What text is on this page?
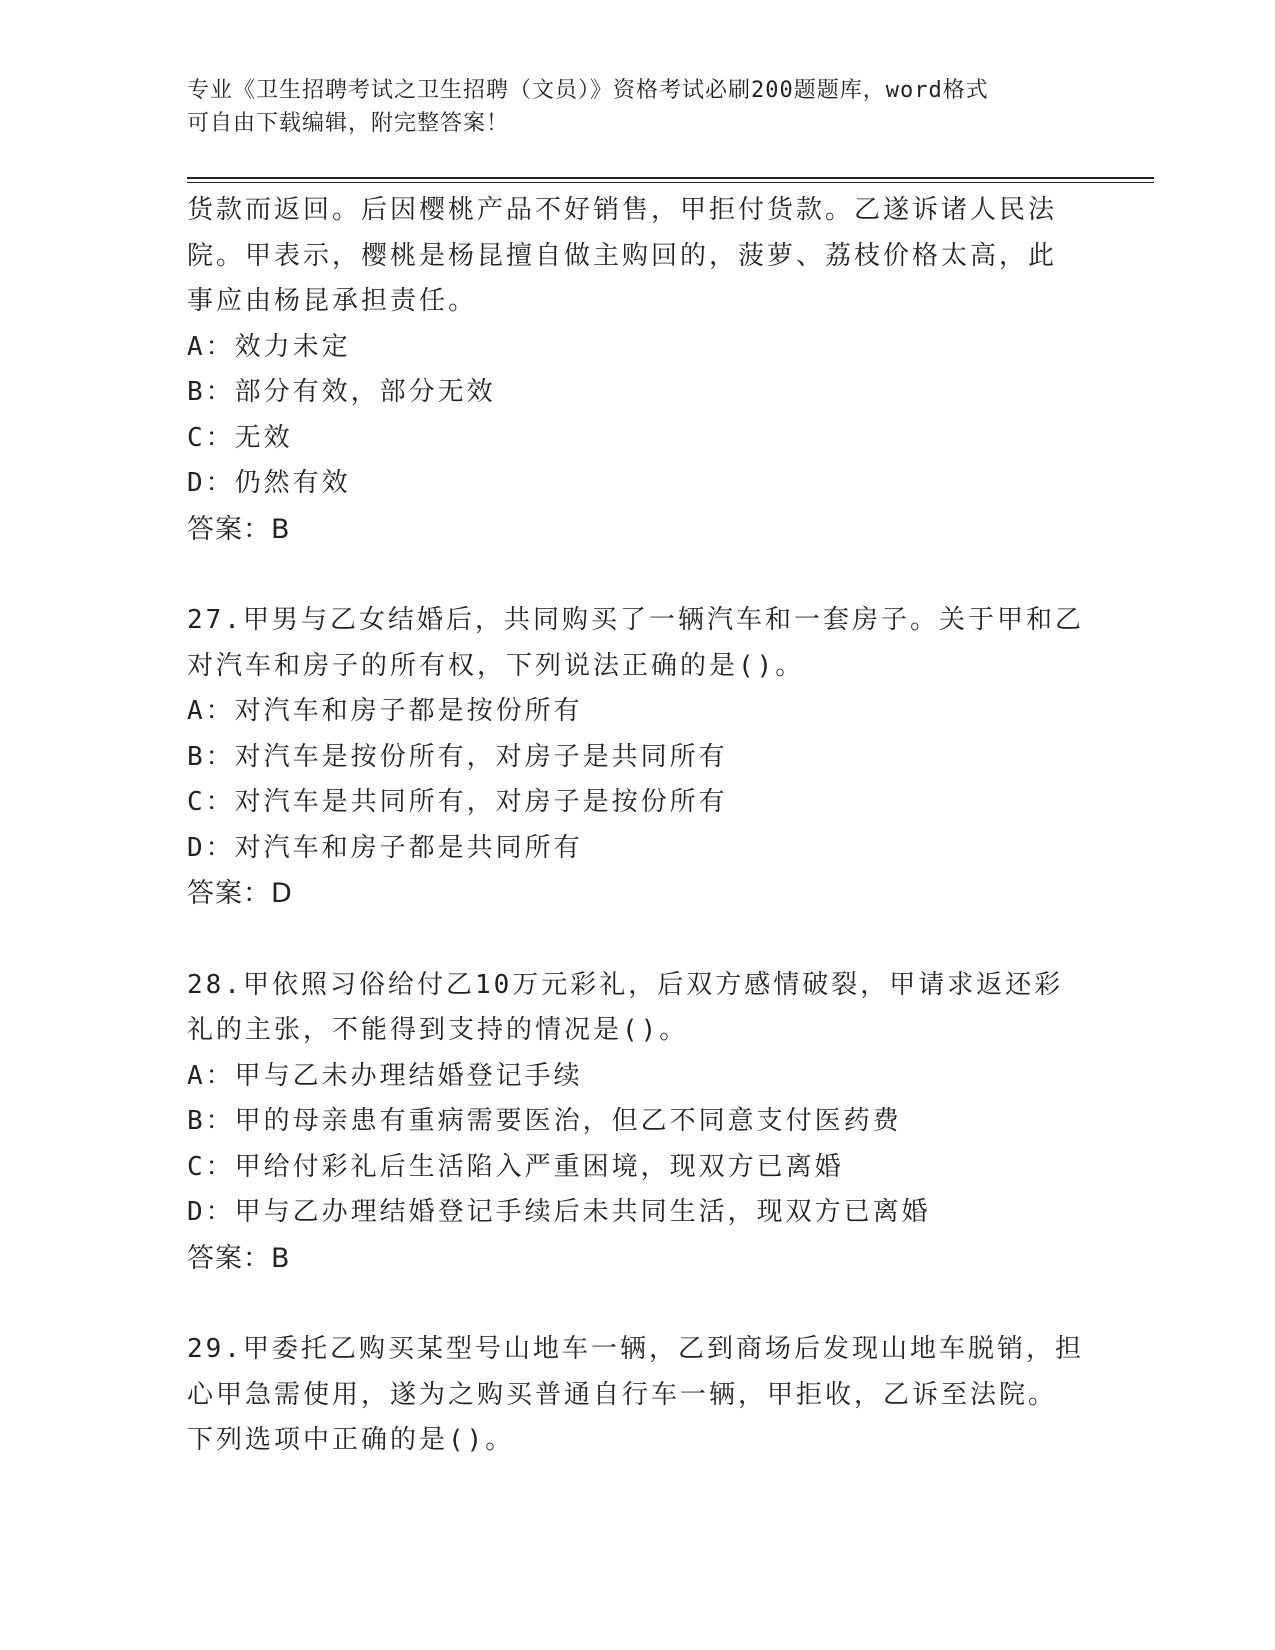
专业《卫生招聘考试之卫生招聘（文员）》资格考试必刷200题题库，word格式
可自由下载编辑，附完整答案！

货款而返回。后因樱桃产品不好销售，甲拒付货款。乙遂诉诸人民法

院。甲表示，樱桃是杨昆擅自做主购回的，菠萝、荔枝价格太高，此

事应由杨昆承担责任。

A：效力未定

B：部分有效，部分无效

C：无效

D：仍然有效

答案：B

27.甲男与乙女结婚后，共同购买了一辆汽车和一套房子。关于甲和乙

对汽车和房子的所有权，下列说法正确的是()。

A：对汽车和房子都是按份所有

B：对汽车是按份所有，对房子是共同所有

C：对汽车是共同所有，对房子是按份所有

D：对汽车和房子都是共同所有

答案：D

28.甲依照习俗给付乙10万元彩礼，后双方感情破裂，甲请求返还彩

礼的主张，不能得到支持的情况是()。

A：甲与乙未办理结婚登记手续

B：甲的母亲患有重病需要医治，但乙不同意支付医药费

C：甲给付彩礼后生活陷入严重困境，现双方已离婚

D：甲与乙办理结婚登记手续后未共同生活，现双方已离婚

答案：B

29.甲委托乙购买某型号山地车一辆，乙到商场后发现山地车脱销，担

心甲急需使用，遂为之购买普通自行车一辆，甲拒收，乙诉至法院。

下列选项中正确的是()。
